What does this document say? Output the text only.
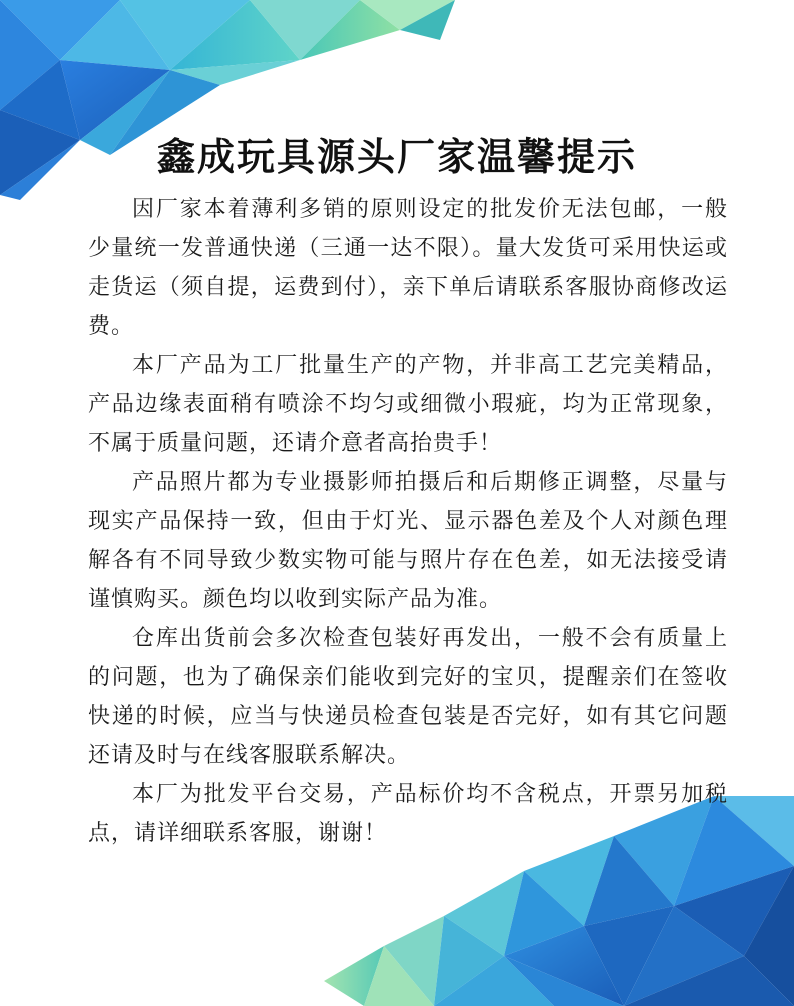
鑫成玩具源头厂家温馨提示

因厂家本着薄利多销的原则设定的批发价无法包邮，一般少量统一发普通快递（三通一达不限）。量大发货可采用快运或走货运（须自提，运费到付），亲下单后请联系客服协商修改运费。

本厂产品为工厂批量生产的产物，并非高工艺完美精品，产品边缘表面稍有喷涂不均匀或细微小瑕疵，均为正常现象，不属于质量问题，还请介意者高抬贵手！

产品照片都为专业摄影师拍摄后和后期修正调整，尽量与现实产品保持一致，但由于灯光、显示器色差及个人对颜色理解各有不同导致少数实物可能与照片存在色差，如无法接受请谨慎购买。颜色均以收到实际产品为准。

仓库出货前会多次检查包装好再发出，一般不会有质量上的问题，也为了确保亲们能收到完好的宝贝，提醒亲们在签收快递的时候，应当与快递员检查包装是否完好，如有其它问题还请及时与在线客服联系解决。

本厂为批发平台交易，产品标价均不含税点，开票另加税点，请详细联系客服，谢谢！
